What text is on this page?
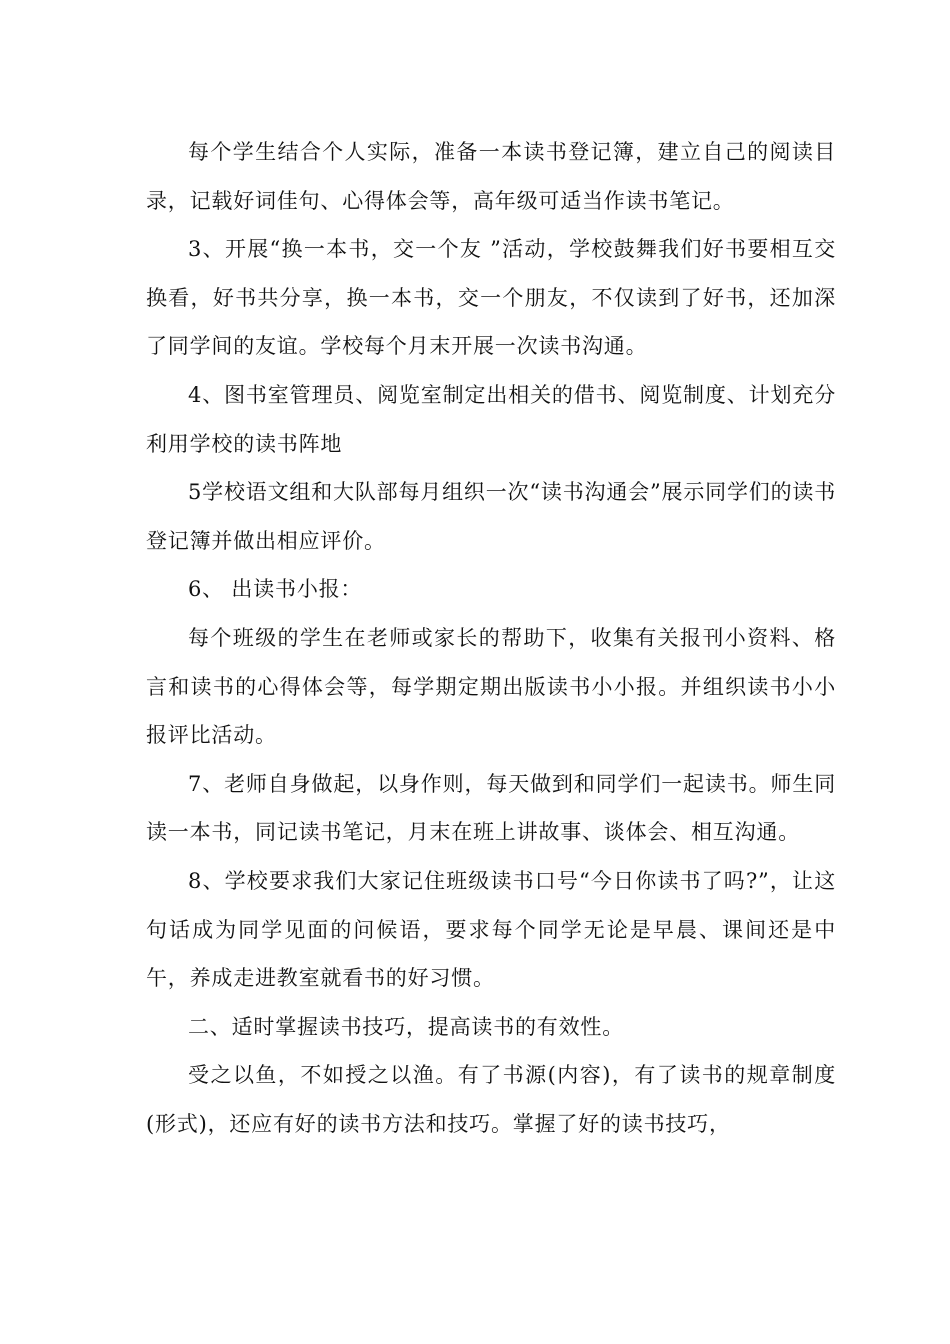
每个学生结合个人实际，准备一本读书登记簿，建立自己的阅读目录，记载好词佳句、心得体会等，高年级可适当作读书笔记。

3、开展“换一本书，交一个友 ”活动，学校鼓舞我们好书要相互交换看，好书共分享，换一本书，交一个朋友，不仅读到了好书，还加深了同学间的友谊。学校每个月末开展一次读书沟通。

4、图书室管理员、阅览室制定出相关的借书、阅览制度、计划充分利用学校的读书阵地

5学校语文组和大队部每月组织一次“读书沟通会”展示同学们的读书登记簿并做出相应评价。

6、 出读书小报：

每个班级的学生在老师或家长的帮助下，收集有关报刊小资料、格言和读书的心得体会等，每学期定期出版读书小小报。并组织读书小小报评比活动。

7、老师自身做起，以身作则，每天做到和同学们一起读书。师生同读一本书，同记读书笔记，月末在班上讲故事、谈体会、相互沟通。

8、学校要求我们大家记住班级读书口号“今日你读书了吗?”，让这句话成为同学见面的问候语，要求每个同学无论是早晨、课间还是中午，养成走进教室就看书的好习惯。

二、适时掌握读书技巧，提高读书的有效性。

受之以鱼，不如授之以渔。有了书源(内容)，有了读书的规章制度(形式)，还应有好的读书方法和技巧。掌握了好的读书技巧，
